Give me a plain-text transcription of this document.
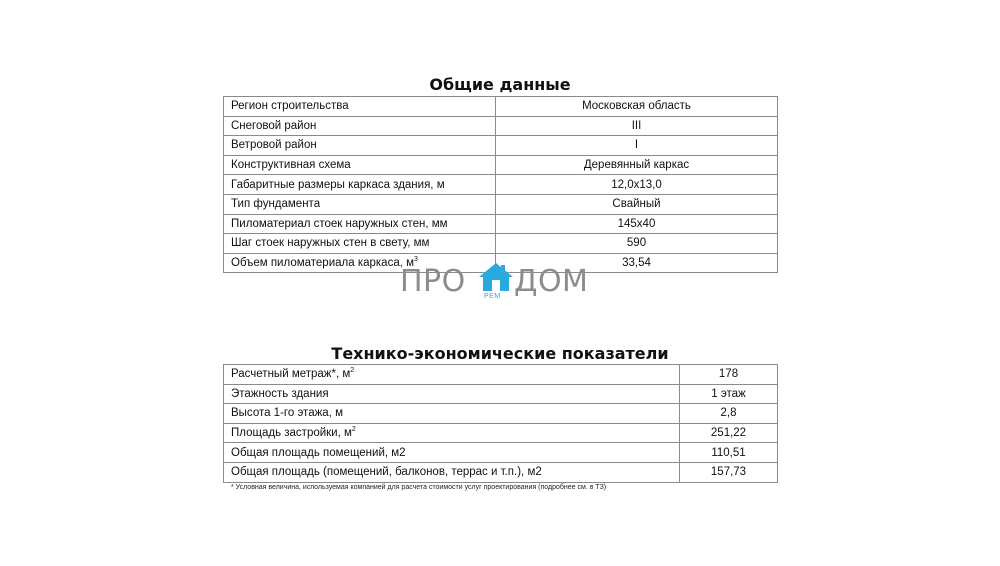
Общие данные
Регион строительства	Московская область
Снеговой район	III
Ветровой район	I
Конструктивная схема	Деревянный каркас
Габаритные размеры каркаса здания, м	12,0х13,0
Тип фундамента	Свайный
Пиломатериал стоек наружных стен, мм	145х40
Шаг стоек наружных стен в свету, мм	590
Объем пиломатериала каркаса, $м^3$	33,54
ПРО	РЕМ ДОМ
Технико-экономические показатели
Расчетный метраж*, $м^2$	178
Этажность здания	1 этаж
Высота 1-го этажа, м	2,8
Площадь застройки, $м^2$	251,22
Общая площадь помещений, м2	110,51
Общая площадь (помещений, балконов, террас и т.п.), м2	157,73
* Условная величина, используемая компанией для расчета стоимости услуг проектирования (подробнее см. в ТЗ)
